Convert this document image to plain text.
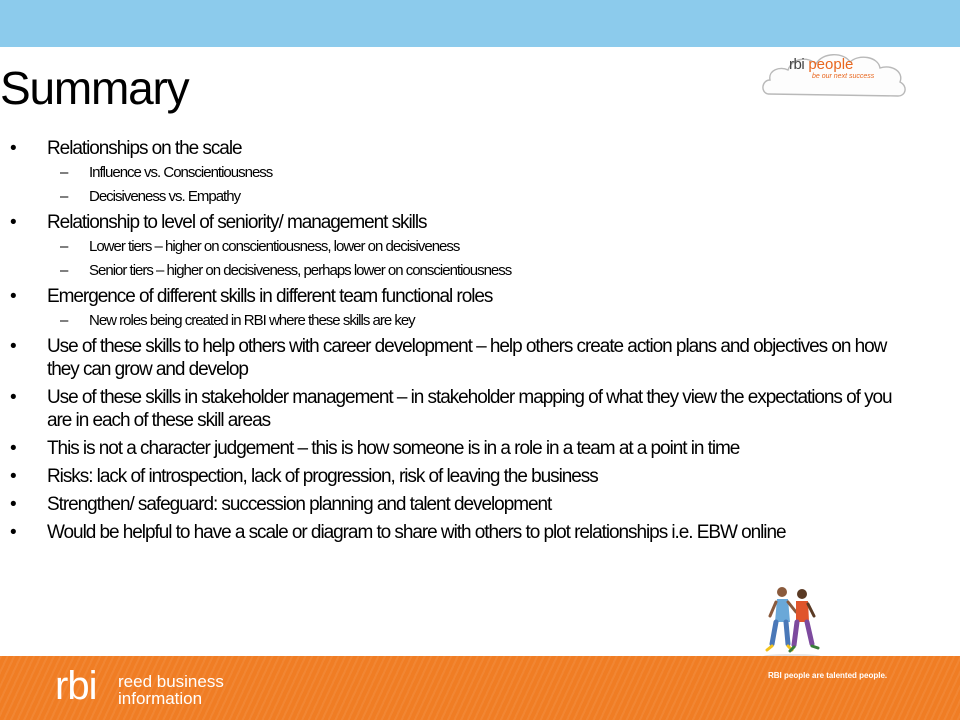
Summary	rbi people
be our next success
• Relationships on the scale
– Influence vs. Conscientiousness
– Decisiveness vs. Empathy
• Relationship to level of seniority/ management skills
– Lower tiers – higher on conscientiousness, lower on decisiveness
– Senior tiers – higher on decisiveness, perhaps lower on conscientiousness
• Emergence of different skills in different team functional roles
– New roles being created in RBI where these skills are key
• Use of these skills to help others with career development – help others create action plans and objectives on how they can grow and develop
• Use of these skills in stakeholder management – in stakeholder mapping of what they view the expectations of you are in each of these skill areas
• This is not a character judgement – this is how someone is in a role in a team at a point in time
• Risks: lack of introspection, lack of progression, risk of leaving the business
• Strengthen/ safeguard: succession planning and talent development
• Would be helpful to have a scale or diagram to share with others to plot relationships i.e. EBW online
rbi reed business
information
RBI people are talented people.
